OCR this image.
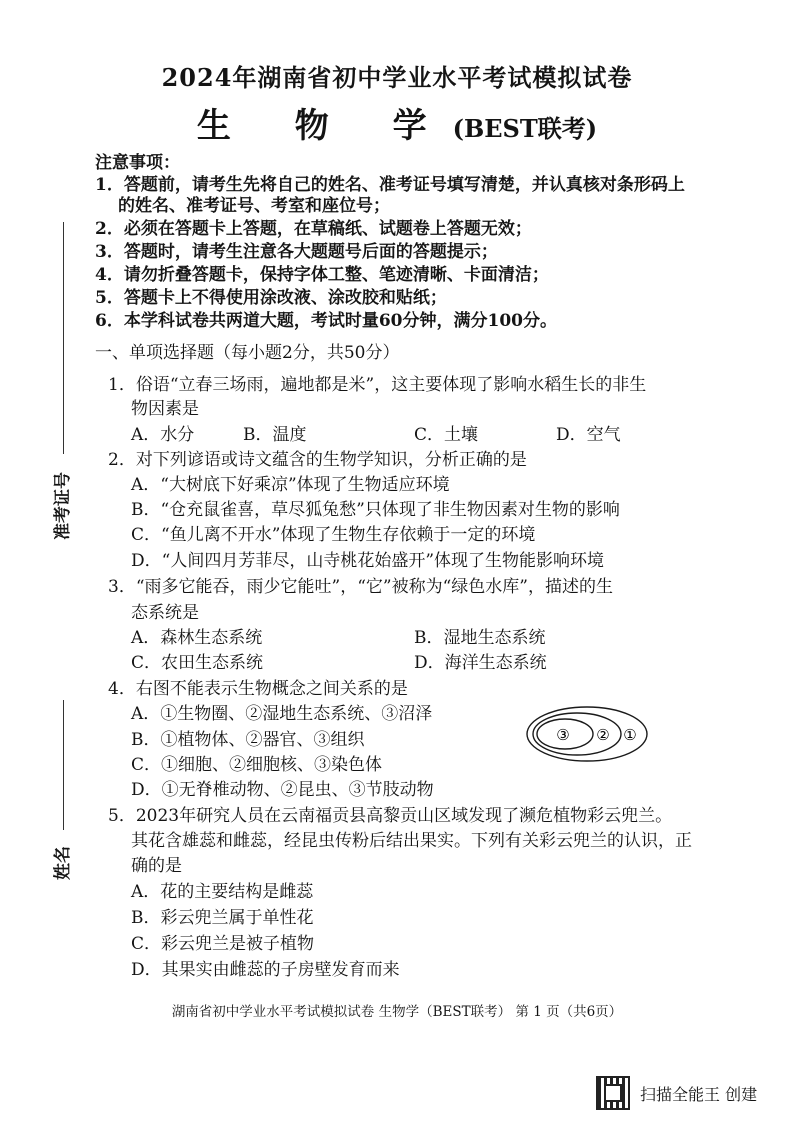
2024年湖南省初中学业水平考试模拟试卷
生 物 学(BEST联考)
注意事项：
1．答题前，请考生先将自己的姓名、准考证号填写清楚，并认真核对条形码上
的姓名、准考证号、考室和座位号；
2．必须在答题卡上答题，在草稿纸、试题卷上答题无效；
3．答题时，请考生注意各大题题号后面的答题提示；
4．请勿折叠答题卡，保持字体工整、笔迹清晰、卡面清洁；
5．答题卡上不得使用涂改液、涂改胶和贴纸；
6．本学科试卷共两道大题，考试时量60分钟，满分100分。
一、单项选择题（每小题2分，共50分）
1．俗语“立春三场雨，遍地都是米”，这主要体现了影响水稻生长的非生
物因素是
A．水分	B．温度	C．土壤	D．空气
2．对下列谚语或诗文蕴含的生物学知识，分析正确的是
A．“大树底下好乘凉”体现了生物适应环境
B．“仓充鼠雀喜，草尽狐兔愁”只体现了非生物因素对生物的影响
C．“鱼儿离不开水”体现了生物生存依赖于一定的环境
D．“人间四月芳菲尽，山寺桃花始盛开”体现了生物能影响环境
3．“雨多它能吞，雨少它能吐”，“它”被称为“绿色水库”，描述的生
态系统是
A．森林生态系统	B．湿地生态系统
C．农田生态系统	D．海洋生态系统
4．右图不能表示生物概念之间关系的是
A．①生物圈、②湿地生态系统、③沼泽
B．①植物体、②器官、③组织
C．①细胞、②细胞核、③染色体
D．①无脊椎动物、②昆虫、③节肢动物
③ ② ①
5．2023年研究人员在云南福贡县高黎贡山区域发现了濒危植物彩云兜兰。
其花含雄蕊和雌蕊，经昆虫传粉后结出果实。下列有关彩云兜兰的认识，正
确的是
A．花的主要结构是雌蕊
B．彩云兜兰属于单性花
C．彩云兜兰是被子植物
D．其果实由雌蕊的子房壁发育而来
准考证号
姓名
湖南省初中学业水平考试模拟试卷 生物学（BEST联考） 第 1 页（共6页）
扫描全能王 创建
